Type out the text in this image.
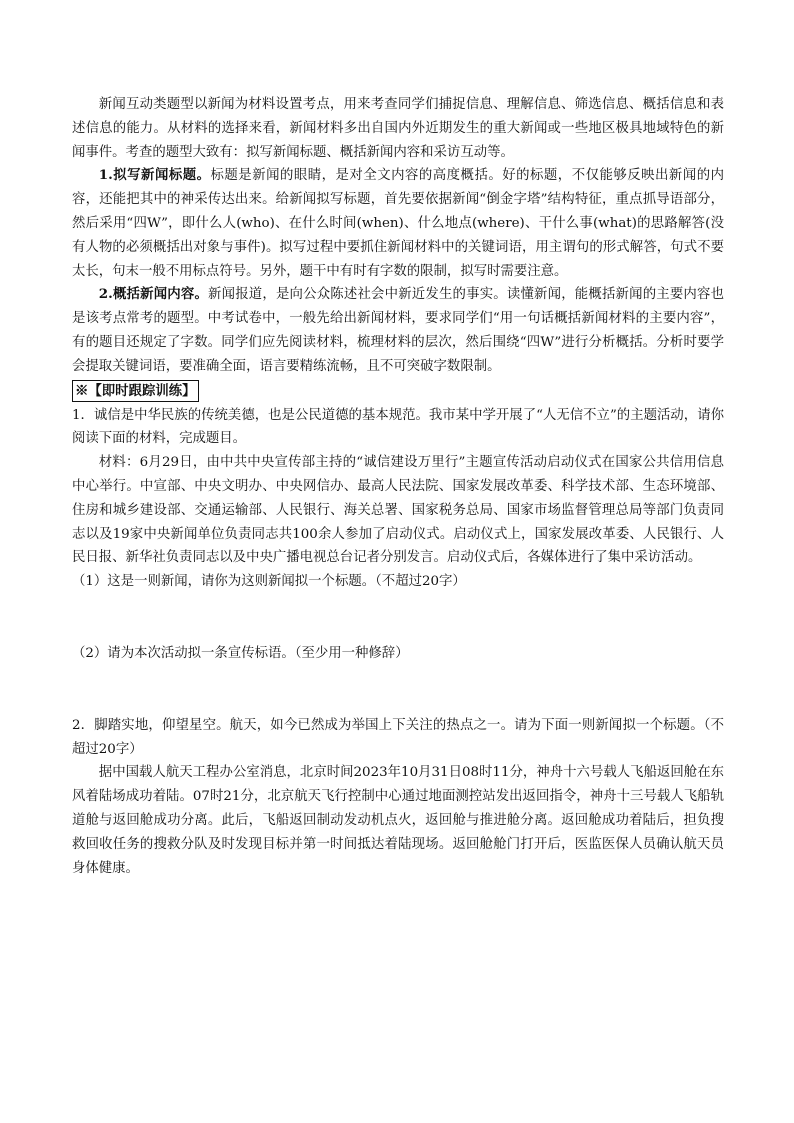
新闻互动类题型以新闻为材料设置考点，用来考查同学们捕捉信息、理解信息、筛选信息、概括信息和表述信息的能力。从材料的选择来看，新闻材料多出自国内外近期发生的重大新闻或一些地区极具地域特色的新闻事件。考查的题型大致有：拟写新闻标题、概括新闻内容和采访互动等。

1.拟写新闻标题。标题是新闻的眼睛，是对全文内容的高度概括。好的标题，不仅能够反映出新闻的内容，还能把其中的神采传达出来。给新闻拟写标题，首先要依据新闻“倒金字塔”结构特征，重点抓导语部分，然后采用“四W”，即什么人(who)、在什么时间(when)、什么地点(where)、干什么事(what)的思路解答(没有人物的必须概括出对象与事件)。拟写过程中要抓住新闻材料中的关键词语，用主谓句的形式解答，句式不要太长，句末一般不用标点符号。另外，题干中有时有字数的限制，拟写时需要注意。

2.概括新闻内容。新闻报道，是向公众陈述社会中新近发生的事实。读懂新闻，能概括新闻的主要内容也是该考点常考的题型。中考试卷中，一般先给出新闻材料，要求同学们“用一句话概括新闻材料的主要内容”，有的题目还规定了字数。同学们应先阅读材料，梳理材料的层次，然后围绕“四W”进行分析概括。分析时要学会提取关键词语，要准确全面，语言要精练流畅，且不可突破字数限制。

※【即时跟踪训练】

1．诚信是中华民族的传统美德，也是公民道德的基本规范。我市某中学开展了“人无信不立”的主题活动，请你阅读下面的材料，完成题目。

材料：6月29日，由中共中央宣传部主持的“诚信建设万里行”主题宣传活动启动仪式在国家公共信用信息中心举行。中宣部、中央文明办、中央网信办、最高人民法院、国家发展改革委、科学技术部、生态环境部、住房和城乡建设部、交通运输部、人民银行、海关总署、国家税务总局、国家市场监督管理总局等部门负责同志以及19家中央新闻单位负责同志共100余人参加了启动仪式。启动仪式上，国家发展改革委、人民银行、人民日报、新华社负责同志以及中央广播电视总台记者分别发言。启动仪式后，各媒体进行了集中采访活动。

（1）这是一则新闻，请你为这则新闻拟一个标题。（不超过20字）

（2）请为本次活动拟一条宣传标语。（至少用一种修辞）

2．脚踏实地，仰望星空。航天，如今已然成为举国上下关注的热点之一。请为下面一则新闻拟一个标题。（不超过20字）

据中国载人航天工程办公室消息，北京时间2023年10月31日08时11分，神舟十六号载人飞船返回舱在东风着陆场成功着陆。07时21分，北京航天飞行控制中心通过地面测控站发出返回指令，神舟十三号载人飞船轨道舱与返回舱成功分离。此后，飞船返回制动发动机点火，返回舱与推进舱分离。返回舱成功着陆后，担负搜救回收任务的搜救分队及时发现目标并第一时间抵达着陆现场。返回舱舱门打开后，医监医保人员确认航天员身体健康。
